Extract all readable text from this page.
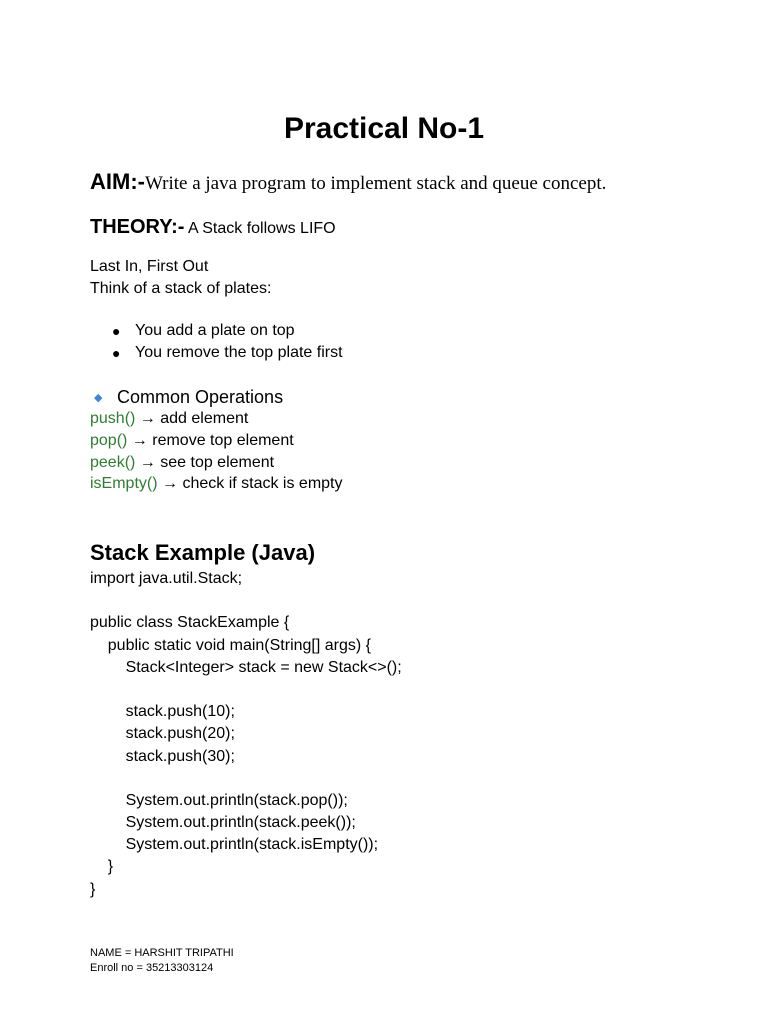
Practical No-1
AIM:-Write a java program to implement stack and queue concept.
THEORY:- A Stack follows LIFO
Last In, First Out
Think of a stack of plates:
● You add a plate on top
● You remove the top plate first
◆ Common Operations
push() → add element
pop() → remove top element
peek() → see top element
isEmpty() → check if stack is empty
Stack Example (Java)
import java.util.Stack;
public class StackExample {
public static void main(String[] args) {
Stack<Integer> stack = new Stack<>();
stack.push(10);
stack.push(20);
stack.push(30);
System.out.println(stack.pop());
System.out.println(stack.peek());
System.out.println(stack.isEmpty());
}
}
NAME = HARSHIT TRIPATHI
Enroll no = 35213303124
